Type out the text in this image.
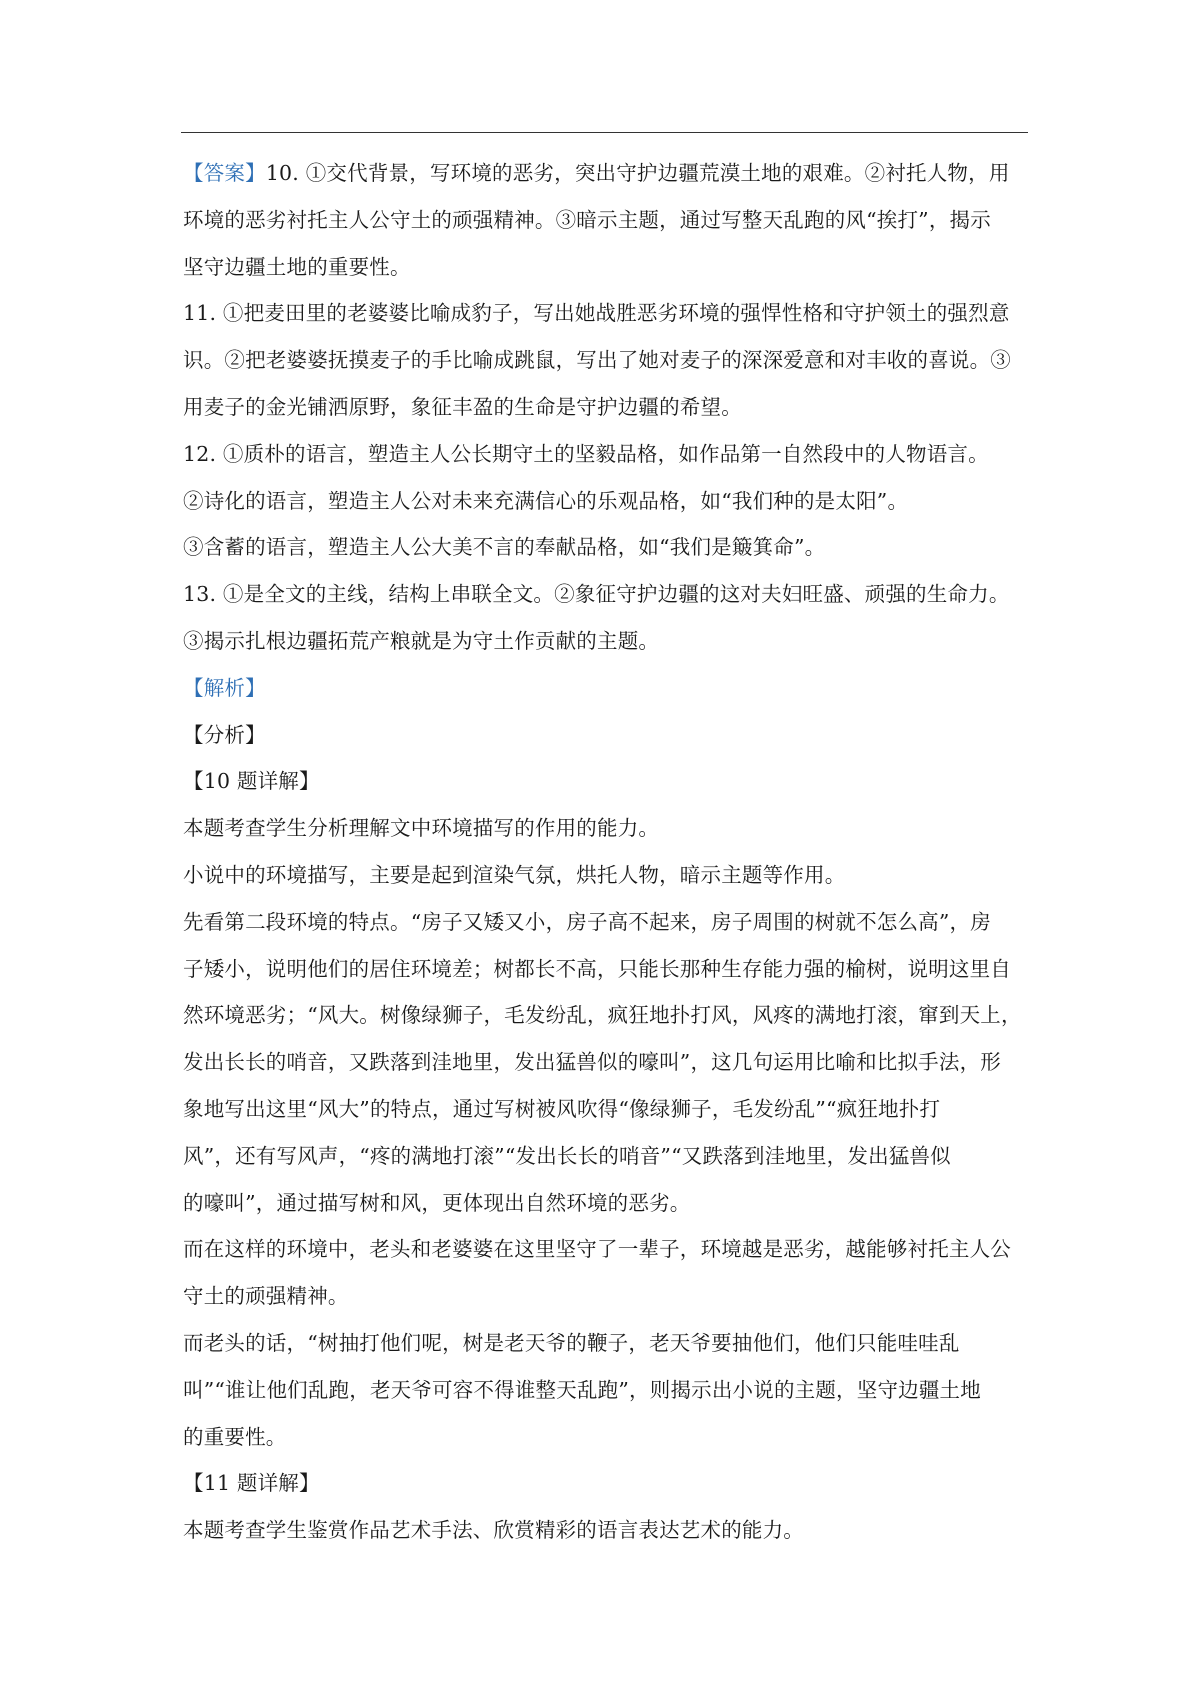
【答案】10. ①交代背景，写环境的恶劣，突出守护边疆荒漠土地的艰难。②衬托人物，用
环境的恶劣衬托主人公守土的顽强精神。③暗示主题，通过写整天乱跑的风“挨打”，揭示
坚守边疆土地的重要性。
11. ①把麦田里的老婆婆比喻成豹子，写出她战胜恶劣环境的强悍性格和守护领土的强烈意
识。②把老婆婆抚摸麦子的手比喻成跳鼠，写出了她对麦子的深深爱意和对丰收的喜说。③
用麦子的金光铺洒原野，象征丰盈的生命是守护边疆的希望。
12. ①质朴的语言，塑造主人公长期守土的坚毅品格，如作品第一自然段中的人物语言。
②诗化的语言，塑造主人公对未来充满信心的乐观品格，如“我们种的是太阳”。
③含蓄的语言，塑造主人公大美不言的奉献品格，如“我们是簸箕命”。
13. ①是全文的主线，结构上串联全文。②象征守护边疆的这对夫妇旺盛、顽强的生命力。
③揭示扎根边疆拓荒产粮就是为守土作贡献的主题。
【解析】
【分析】
【10 题详解】
本题考查学生分析理解文中环境描写的作用的能力。
小说中的环境描写，主要是起到渲染气氛，烘托人物，暗示主题等作用。
先看第二段环境的特点。“房子又矮又小，房子高不起来，房子周围的树就不怎么高”，房
子矮小，说明他们的居住环境差；树都长不高，只能长那种生存能力强的榆树，说明这里自
然环境恶劣；“风大。树像绿狮子，毛发纷乱，疯狂地扑打风，风疼的满地打滚，窜到天上，
发出长长的哨音，又跌落到洼地里，发出猛兽似的嚎叫”，这几句运用比喻和比拟手法，形
象地写出这里“风大”的特点，通过写树被风吹得“像绿狮子，毛发纷乱”“疯狂地扑打
风”，还有写风声，“疼的满地打滚”“发出长长的哨音”“又跌落到洼地里，发出猛兽似
的嚎叫”，通过描写树和风，更体现出自然环境的恶劣。
而在这样的环境中，老头和老婆婆在这里坚守了一辈子，环境越是恶劣，越能够衬托主人公
守土的顽强精神。
而老头的话，“树抽打他们呢，树是老天爷的鞭子，老天爷要抽他们，他们只能哇哇乱
叫”“谁让他们乱跑，老天爷可容不得谁整天乱跑”，则揭示出小说的主题，坚守边疆土地
的重要性。
【11 题详解】
本题考查学生鉴赏作品艺术手法、欣赏精彩的语言表达艺术的能力。
